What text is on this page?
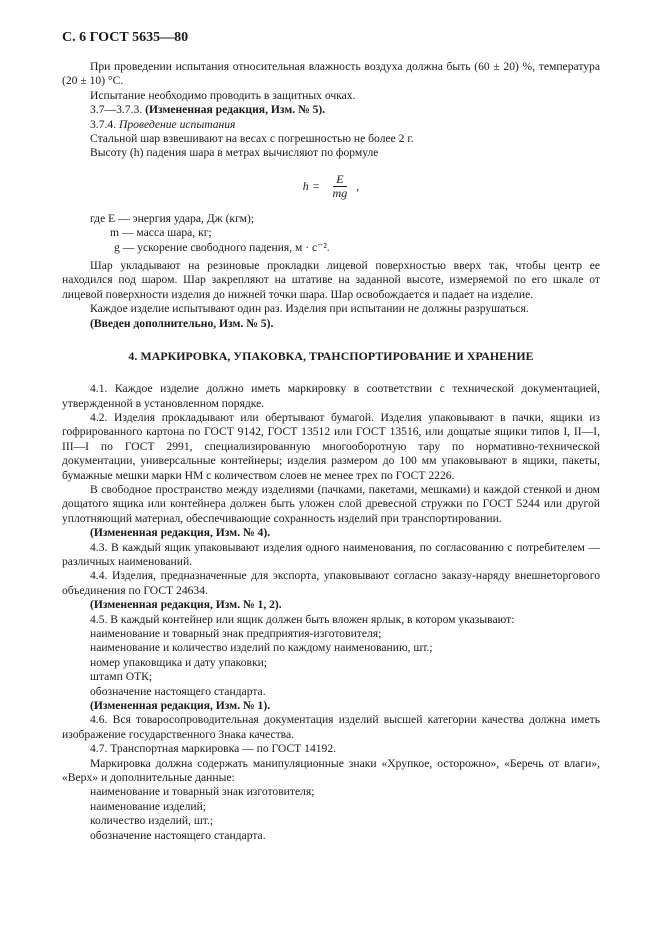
С. 6 ГОСТ 5635—80

При проведении испытания относительная влажность воздуха должна быть (60 ± 20) %, температура (20 ± 10) °С.

Испытание необходимо проводить в защитных очках.

3.7—3.7.3. (Измененная редакция, Изм. № 5).

3.7.4. Проведение испытания

Стальной шар взвешивают на весах с погрешностью не более 2 г.

Высоту (h) падения шара в метрах вычисляют по формуле

$h = \frac{E}{mg}$ ,
где E — энергия удара, Дж (кгм);
m — масса шара, кг;
g — ускорение свободного падения, м · с⁻².

Шар укладывают на резиновые прокладки лицевой поверхностью вверх так, чтобы центр ее находился под шаром. Шар закрепляют на штативе на заданной высоте, измеряемой по его шкале от лицевой поверхности изделия до нижней точки шара. Шар освобождается и падает на изделие.

Каждое изделие испытывают один раз. Изделия при испытании не должны разрушаться.

(Введен дополнительно, Изм. № 5).

4. МАРКИРОВКА, УПАКОВКА, ТРАНСПОРТИРОВАНИЕ И ХРАНЕНИЕ

4.1. Каждое изделие должно иметь маркировку в соответствии с технической документацией, утвержденной в установленном порядке.

4.2. Изделия прокладывают или обертывают бумагой. Изделия упаковывают в пачки, ящики из гофрированного картона по ГОСТ 9142, ГОСТ 13512 или ГОСТ 13516, или дощатые ящики типов I, II—I, III—I по ГОСТ 2991, специализированную многооборотную тару по нормативно-технической документации, универсальные контейнеры; изделия размером до 100 мм упаковывают в ящики, пакеты, бумажные мешки марки НМ с количеством слоев не менее трех по ГОСТ 2226.

В свободное пространство между изделиями (пачками, пакетами, мешками) и каждой стенкой и дном дощатого ящика или контейнера должен быть уложен слой древесной стружки по ГОСТ 5244 или другой уплотняющий материал, обеспечивающие сохранность изделий при транспортировании.

(Измененная редакция, Изм. № 4).

4.3. В каждый ящик упаковывают изделия одного наименования, по согласованию с потребителем — различных наименований.

4.4. Изделия, предназначенные для экспорта, упаковывают согласно заказу-наряду внешнеторгового объединения по ГОСТ 24634.

(Измененная редакция, Изм. № 1, 2).

4.5. В каждый контейнер или ящик должен быть вложен ярлык, в котором указывают:

наименование и товарный знак предприятия-изготовителя;

наименование и количество изделий по каждому наименованию, шт.;

номер упаковщика и дату упаковки;

штамп ОТК;

обозначение настоящего стандарта.

(Измененная редакция, Изм. № 1).

4.6. Вся товаросопроводительная документация изделий высшей категории качества должна иметь изображение государственного Знака качества.

4.7. Транспортная маркировка — по ГОСТ 14192.

Маркировка должна содержать манипуляционные знаки «Хрупкое, осторожно», «Беречь от влаги», «Верх» и дополнительные данные:

наименование и товарный знак изготовителя;

наименование изделий;

количество изделий, шт.;

обозначение настоящего стандарта.
